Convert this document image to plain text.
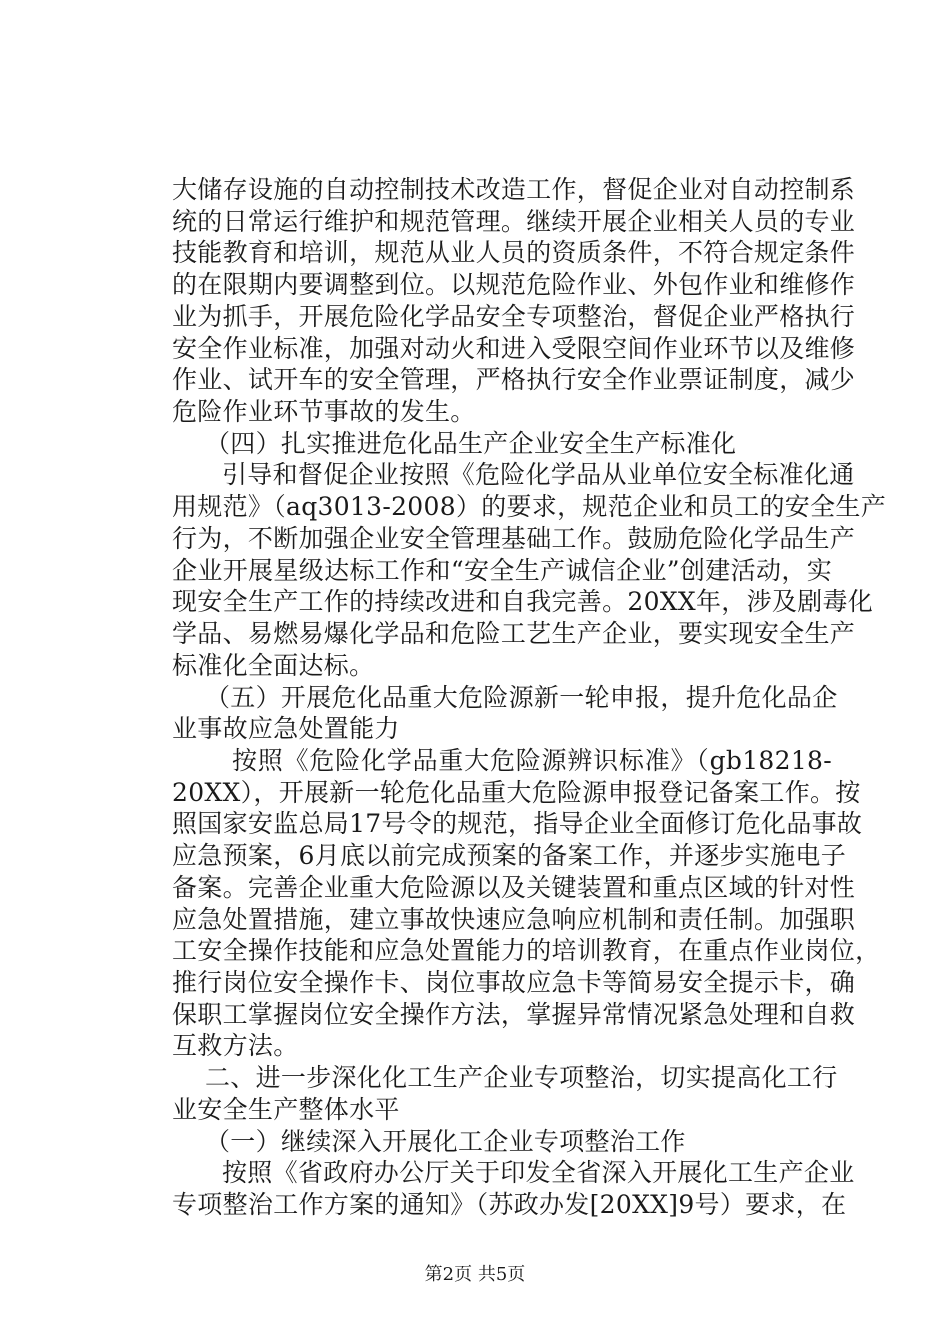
大储存设施的自动控制技术改造工作，督促企业对自动控制系
统的日常运行维护和规范管理。继续开展企业相关人员的专业
技能教育和培训，规范从业人员的资质条件，不符合规定条件
的在限期内要调整到位。以规范危险作业、外包作业和维修作
业为抓手，开展危险化学品安全专项整治，督促企业严格执行
安全作业标准，加强对动火和进入受限空间作业环节以及维修
作业、试开车的安全管理，严格执行安全作业票证制度，减少
危险作业环节事故的发生。
（四）扎实推进危化品生产企业安全生产标准化
引导和督促企业按照《危险化学品从业单位安全标准化通
用规范》（aq3013-2008）的要求，规范企业和员工的安全生产
行为，不断加强企业安全管理基础工作。鼓励危险化学品生产
企业开展星级达标工作和“安全生产诚信企业”创建活动，实
现安全生产工作的持续改进和自我完善。20XX年，涉及剧毒化
学品、易燃易爆化学品和危险工艺生产企业，要实现安全生产
标准化全面达标。
（五）开展危化品重大危险源新一轮申报，提升危化品企
业事故应急处置能力
按照《危险化学品重大危险源辨识标准》（gb18218-
20XX），开展新一轮危化品重大危险源申报登记备案工作。按
照国家安监总局17号令的规范，指导企业全面修订危化品事故
应急预案，6月底以前完成预案的备案工作，并逐步实施电子
备案。完善企业重大危险源以及关键装置和重点区域的针对性
应急处置措施，建立事故快速应急响应机制和责任制。加强职
工安全操作技能和应急处置能力的培训教育，在重点作业岗位，
推行岗位安全操作卡、岗位事故应急卡等简易安全提示卡，确
保职工掌握岗位安全操作方法，掌握异常情况紧急处理和自救
互救方法。
二、进一步深化化工生产企业专项整治，切实提高化工行
业安全生产整体水平
（一）继续深入开展化工企业专项整治工作
按照《省政府办公厅关于印发全省深入开展化工生产企业
专项整治工作方案的通知》（苏政办发[20XX]9号）要求，在
第2页 共5页
